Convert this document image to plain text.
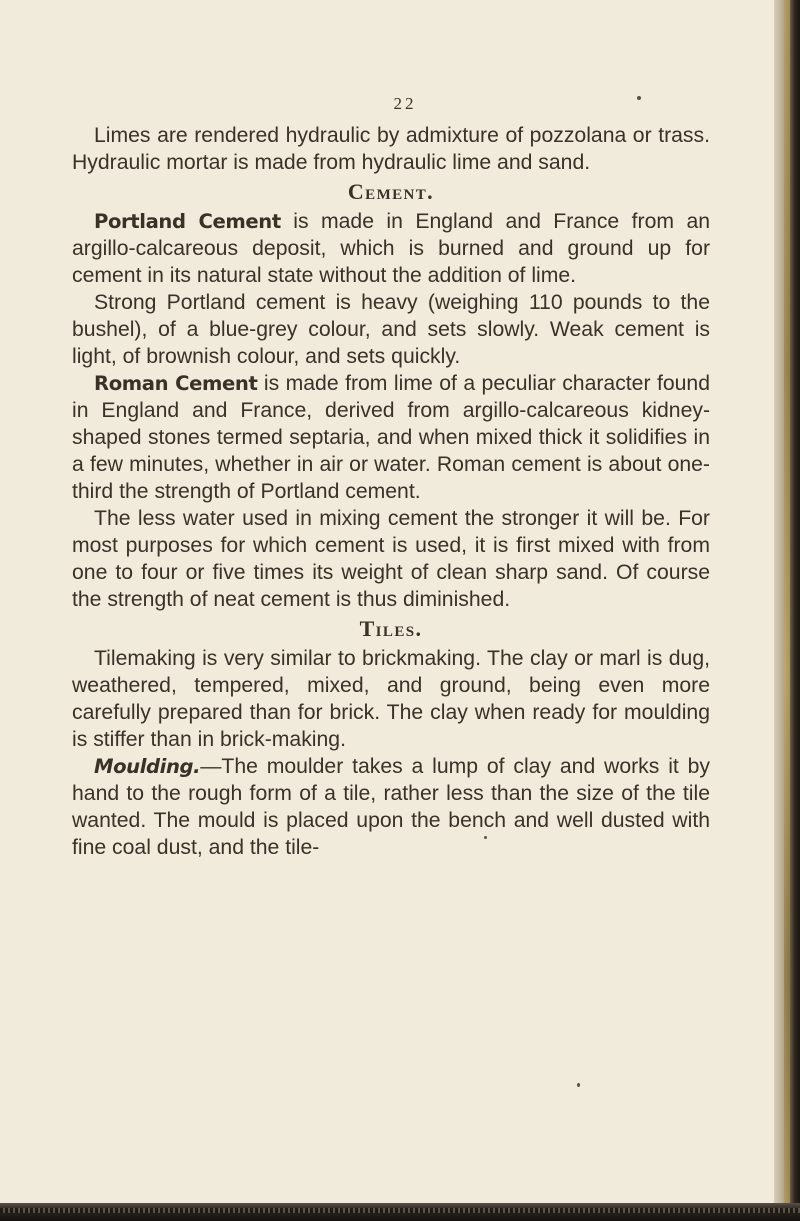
22

Limes are rendered hydraulic by admixture of pozzolana or trass. Hydraulic mortar is made from hydraulic lime and sand.

Cement.

Portland Cement is made in England and France from an argillo-calcareous deposit, which is burned and ground up for cement in its natural state without the addition of lime.

Strong Portland cement is heavy (weighing 110 pounds to the bushel), of a blue-grey colour, and sets slowly. Weak cement is light, of brownish colour, and sets quickly.

Roman Cement is made from lime of a peculiar character found in England and France, derived from argillo-calcareous kidney-shaped stones termed septaria, and when mixed thick it solidifies in a few minutes, whether in air or water. Roman cement is about one-third the strength of Portland cement.

The less water used in mixing cement the stronger it will be. For most purposes for which cement is used, it is first mixed with from one to four or five times its weight of clean sharp sand. Of course the strength of neat cement is thus diminished.

Tiles.

Tilemaking is very similar to brickmaking. The clay or marl is dug, weathered, tempered, mixed, and ground, being even more carefully prepared than for brick. The clay when ready for moulding is stiffer than in brick-making.

Moulding.—The moulder takes a lump of clay and works it by hand to the rough form of a tile, rather less than the size of the tile wanted. The mould is placed upon the bench and well dusted with fine coal dust, and the tile-
